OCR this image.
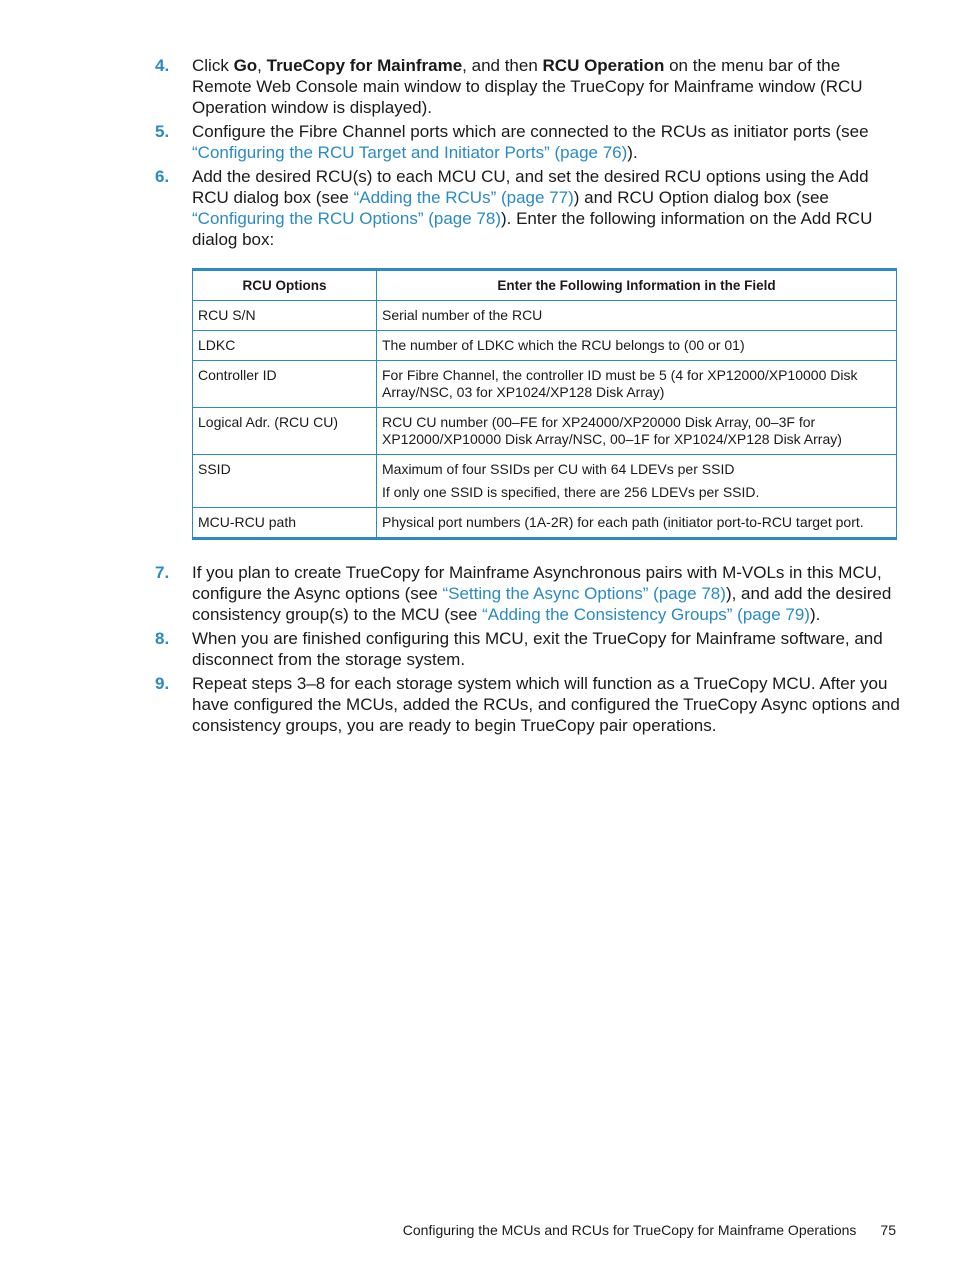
4. Click Go, TrueCopy for Mainframe, and then RCU Operation on the menu bar of the Remote Web Console main window to display the TrueCopy for Mainframe window (RCU Operation window is displayed).
5. Configure the Fibre Channel ports which are connected to the RCUs as initiator ports (see “Configuring the RCU Target and Initiator Ports” (page 76)).
6. Add the desired RCU(s) to each MCU CU, and set the desired RCU options using the Add RCU dialog box (see “Adding the RCUs” (page 77)) and RCU Option dialog box (see “Configuring the RCU Options” (page 78)). Enter the following information on the Add RCU dialog box:
RCU Options	Enter the Following Information in the Field
RCU S/N	Serial number of the RCU

LDKC	The number of LDKC which the RCU belongs to (00 or 01)

Controller ID	For Fibre Channel, the controller ID must be 5 (4 for XP12000/XP10000 Disk Array/NSC, 03 for XP1024/XP128 Disk Array)

Logical Adr. (RCU CU)	RCU CU number (00–FE for XP24000/XP20000 Disk Array, 00–3F for XP12000/XP10000 Disk Array/NSC, 00–1F for XP1024/XP128 Disk Array)

SSID	Maximum of four SSIDs per CU with 64 LDEVs per SSID
If only one SSID is specified, there are 256 LDEVs per SSID.

MCU-RCU path	Physical port numbers (1A-2R) for each path (initiator port-to-RCU target port.
7. If you plan to create TrueCopy for Mainframe Asynchronous pairs with M-VOLs in this MCU, configure the Async options (see “Setting the Async Options” (page 78)), and add the desired consistency group(s) to the MCU (see “Adding the Consistency Groups” (page 79)).
8. When you are finished configuring this MCU, exit the TrueCopy for Mainframe software, and disconnect from the storage system.
9. Repeat steps 3–8 for each storage system which will function as a TrueCopy MCU. After you have configured the MCUs, added the RCUs, and configured the TrueCopy Async options and consistency groups, you are ready to begin TrueCopy pair operations.
Configuring the MCUs and RCUs for TrueCopy for Mainframe Operations 75
